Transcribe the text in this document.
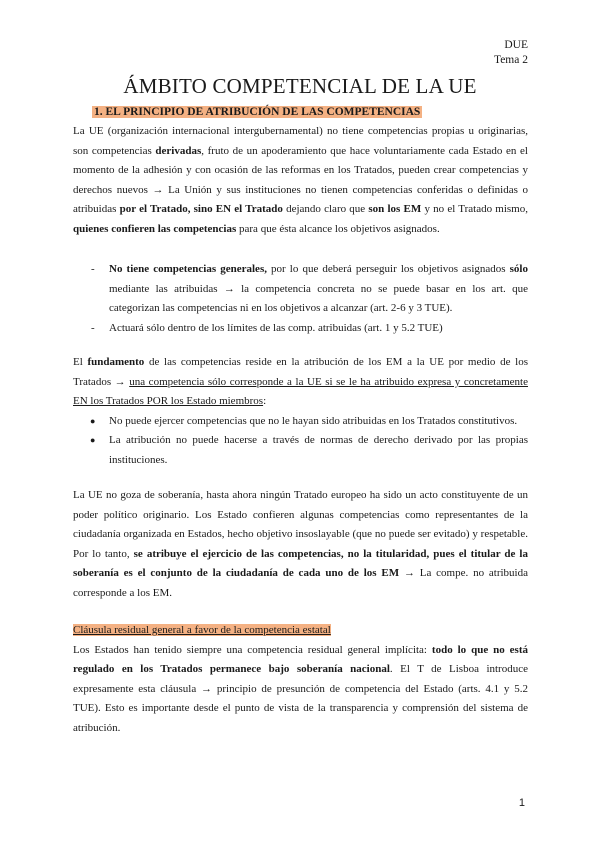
DUE
Tema 2
ÁMBITO COMPETENCIAL DE LA UE
1. EL PRINCIPIO DE ATRIBUCIÓN DE LAS COMPETENCIAS

La UE (organización internacional intergubernamental) no tiene competencias propias u originarias, son competencias derivadas, fruto de un apoderamiento que hace voluntariamente cada Estado en el momento de la adhesión y con ocasión de las reformas en los Tratados, pueden crear competencias y derechos nuevos → La Unión y sus instituciones no tienen competencias conferidas o definidas o atribuidas por el Tratado, sino EN el Tratado dejando claro que son los EM y no el Tratado mismo, quienes confieren las competencias para que ésta alcance los objetivos asignados.

- No tiene competencias generales, por lo que deberá perseguir los objetivos asignados sólo mediante las atribuidas → la competencia concreta no se puede basar en los art. que categorizan las competencias ni en los objetivos a alcanzar (art. 2-6 y 3 TUE).
- Actuará sólo dentro de los límites de las comp. atribuidas (art. 1 y 5.2 TUE)

El fundamento de las competencias reside en la atribución de los EM a la UE por medio de los Tratados → una competencia sólo corresponde a la UE si se le ha atribuido expresa y concretamente EN los Tratados POR los Estado miembros:

● No puede ejercer competencias que no le hayan sido atribuidas en los Tratados constitutivos.
● La atribución no puede hacerse a través de normas de derecho derivado por las propias instituciones.

La UE no goza de soberanía, hasta ahora ningún Tratado europeo ha sido un acto constituyente de un poder político originario. Los Estado confieren algunas competencias como representantes de la ciudadanía organizada en Estados, hecho objetivo insoslayable (que no puede ser evitado) y respetable. Por lo tanto, se atribuye el ejercicio de las competencias, no la titularidad, pues el titular de la soberanía es el conjunto de la ciudadanía de cada uno de los EM → La compe. no atribuida corresponde a los EM.

Cláusula residual general a favor de la competencia estatal

Los Estados han tenido siempre una competencia residual general implícita: todo lo que no está regulado en los Tratados permanece bajo soberanía nacional. El T de Lisboa introduce expresamente esta cláusula → principio de presunción de competencia del Estado (arts. 4.1 y 5.2 TUE). Esto es importante desde el punto de vista de la transparencia y comprensión del sistema de atribución.

1
